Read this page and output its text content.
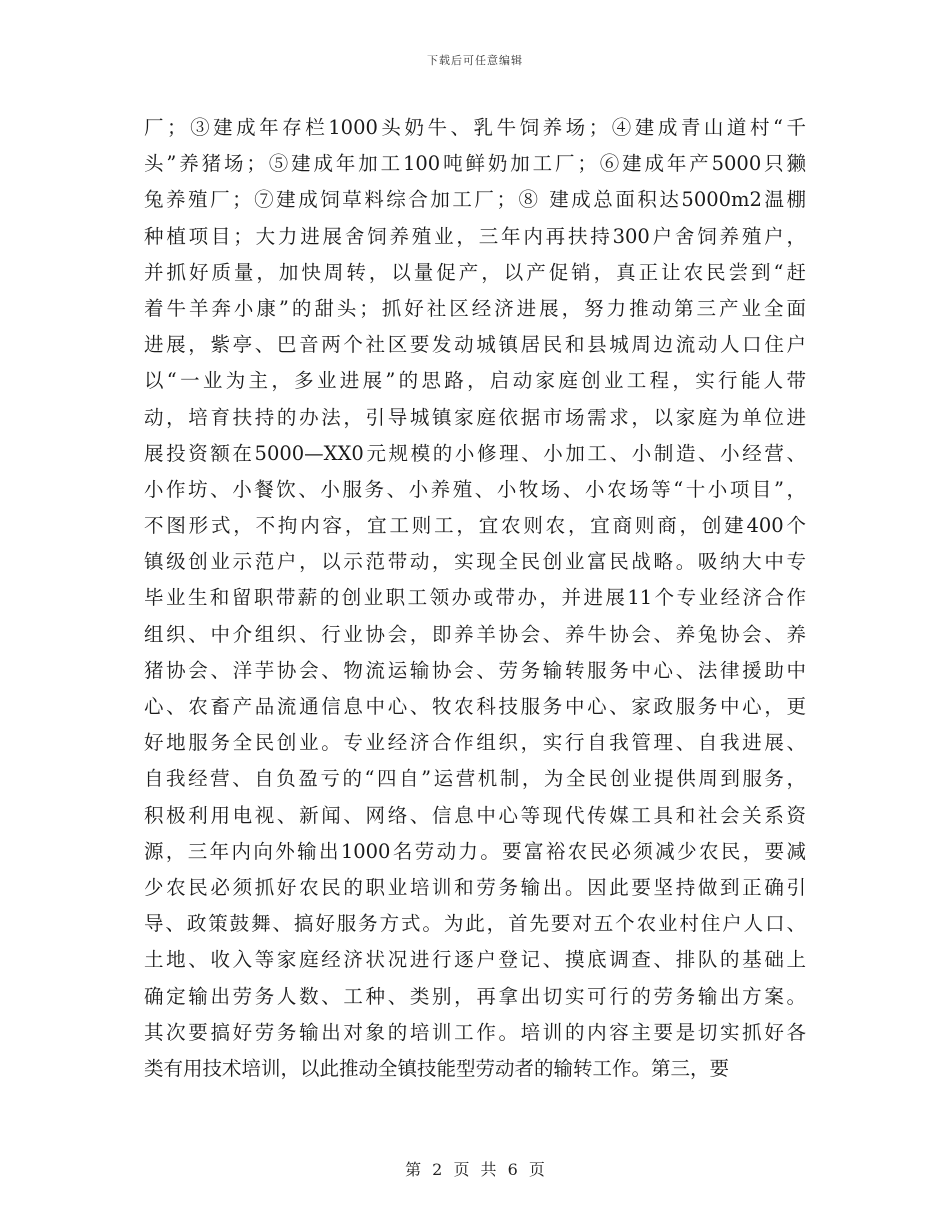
下载后可任意编辑
厂；③建成年存栏1000头奶牛、乳牛饲养场；④建成青山道村“千
头”养猪场；⑤建成年加工100吨鲜奶加工厂；⑥建成年产5000只獭
兔养殖厂；⑦建成饲草料综合加工厂；⑧ 建成总面积达5000m2温棚
种植项目；大力进展舍饲养殖业，三年内再扶持300户舍饲养殖户，
并抓好质量，加快周转，以量促产，以产促销，真正让农民尝到“赶
着牛羊奔小康”的甜头；抓好社区经济进展，努力推动第三产业全面
进展，紫亭、巴音两个社区要发动城镇居民和县城周边流动人口住户
以“一业为主，多业进展”的思路，启动家庭创业工程，实行能人带
动，培育扶持的办法，引导城镇家庭依据市场需求，以家庭为单位进
展投资额在5000—XX0元规模的小修理、小加工、小制造、小经营、
小作坊、小餐饮、小服务、小养殖、小牧场、小农场等“十小项目”，
不图形式，不拘内容，宜工则工，宜农则农，宜商则商，创建400个
镇级创业示范户，以示范带动，实现全民创业富民战略。吸纳大中专
毕业生和留职带薪的创业职工领办或带办，并进展11个专业经济合作
组织、中介组织、行业协会，即养羊协会、养牛协会、养兔协会、养
猪协会、洋芋协会、物流运输协会、劳务输转服务中心、法律援助中
心、农畜产品流通信息中心、牧农科技服务中心、家政服务中心，更
好地服务全民创业。专业经济合作组织，实行自我管理、自我进展、
自我经营、自负盈亏的“四自”运营机制，为全民创业提供周到服务，
积极利用电视、新闻、网络、信息中心等现代传媒工具和社会关系资
源，三年内向外输出1000名劳动力。要富裕农民必须减少农民，要减
少农民必须抓好农民的职业培训和劳务输出。因此要坚持做到正确引
导、政策鼓舞、搞好服务方式。为此，首先要对五个农业村住户人口、
土地、收入等家庭经济状况进行逐户登记、摸底调查、排队的基础上
确定输出劳务人数、工种、类别，再拿出切实可行的劳务输出方案。
其次要搞好劳务输出对象的培训工作。培训的内容主要是切实抓好各
类有用技术培训，以此推动全镇技能型劳动者的输转工作。第三，要
第 2 页 共 6 页
